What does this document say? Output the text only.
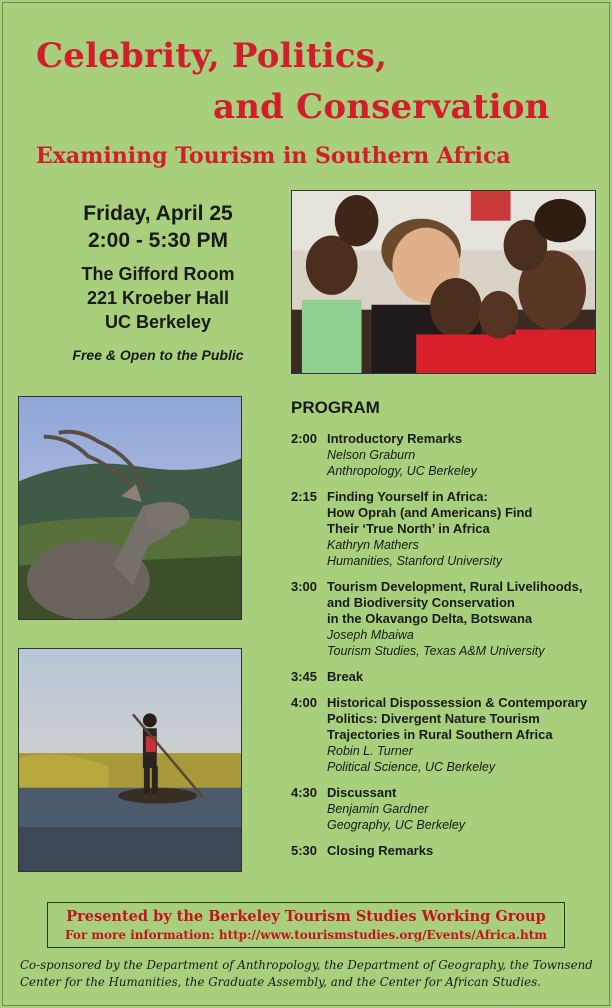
Celebrity, Politics,
and Conservation
Examining Tourism in Southern Africa
Friday, April 25
2:00 - 5:30 PM
The Gifford Room
221 Kroeber Hall
UC Berkeley
Free & Open to the Public
PROGRAM
2:00 Introductory Remarks
Nelson Graburn
Anthropology, UC Berkeley
2:15 Finding Yourself in Africa:
How Oprah (and Americans) Find
Their ‘True North’ in Africa
Kathryn Mathers
Humanities, Stanford University
3:00 Tourism Development, Rural Livelihoods,
and Biodiversity Conservation
in the Okavango Delta, Botswana
Joseph Mbaiwa
Tourism Studies, Texas A&M University
3:45 Break
4:00 Historical Dispossession & Contemporary
Politics: Divergent Nature Tourism
Trajectories in Rural Southern Africa
Robin L. Turner
Political Science, UC Berkeley
4:30 Discussant
Benjamin Gardner
Geography, UC Berkeley
5:30 Closing Remarks
Presented by the Berkeley Tourism Studies Working Group
For more information: http://www.tourismstudies.org/Events/Africa.htm
Co-sponsored by the Department of Anthropology, the Department of Geography, the Townsend Center for the Humanities, the Graduate Assembly, and the Center for African Studies.
